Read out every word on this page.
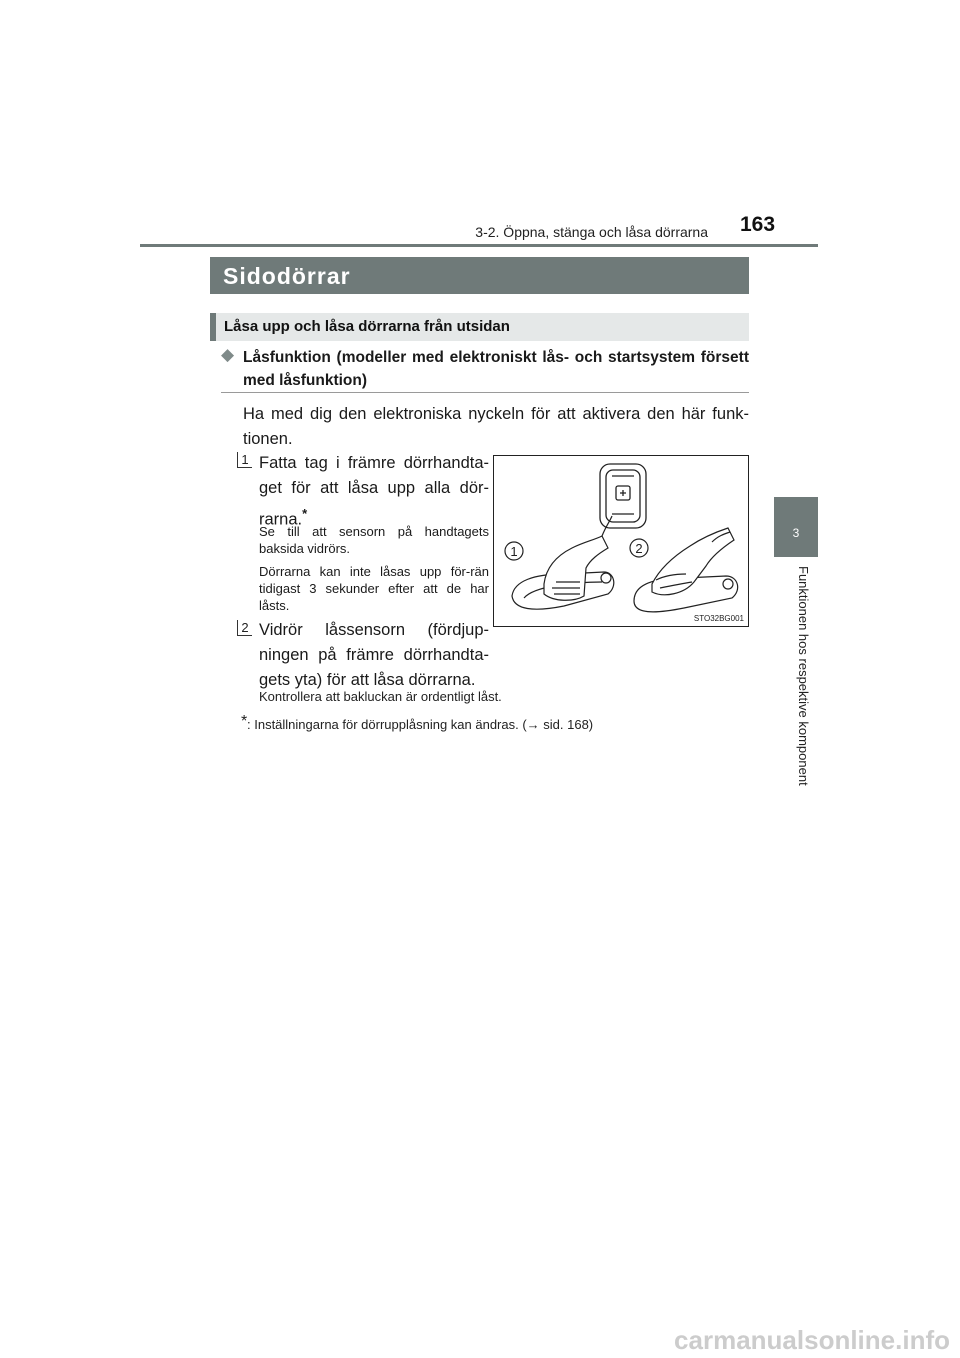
3-2. Öppna, stänga och låsa dörrarna 163
3
Funktionen hos respektive komponent
Sidodörrar
Låsa upp och låsa dörrarna från utsidan
◆ Låsfunktion (modeller med elektroniskt lås- och startsystem försett med låsfunktion)
Ha med dig den elektroniska nyckeln för att aktivera den här funk-tionen.
1 Fatta tag i främre dörrhandta-get för att låsa upp alla dör-rarna.*
Se till att sensorn på handtagets baksida vidrörs.
Dörrarna kan inte låsas upp för-rän tidigast 3 sekunder efter att de har låsts.
2 Vidrör låssensorn (fördjup-ningen på främre dörrhandta-gets yta) för att låsa dörrarna.
1	2
STO32BG001
Kontrollera att bakluckan är ordentligt låst.
* : Inställningarna för dörrupplåsning kan ändras. (→ sid. 168)
carmanualsonline.info
